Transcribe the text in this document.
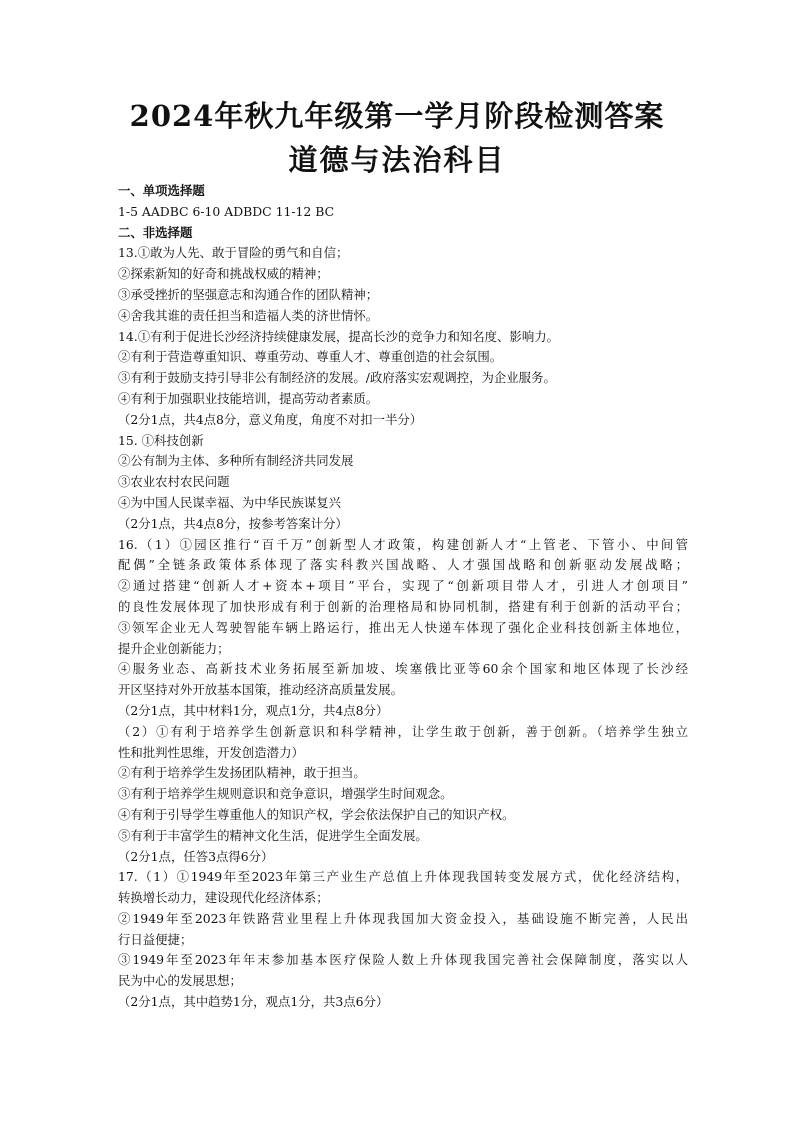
2024年秋九年级第一学月阶段检测答案
道德与法治科目
一、单项选择题
1-5 AADBC 6-10 ADBDC 11-12 BC
二、非选择题
13.①敢为人先、敢于冒险的勇气和自信；
②探索新知的好奇和挑战权威的精神；
③承受挫折的坚强意志和沟通合作的团队精神；
④舍我其谁的责任担当和造福人类的济世情怀。
14.①有利于促进长沙经济持续健康发展，提高长沙的竞争力和知名度、影响力。
②有利于营造尊重知识、尊重劳动、尊重人才、尊重创造的社会氛围。
③有利于鼓励支持引导非公有制经济的发展。/政府落实宏观调控，为企业服务。
④有利于加强职业技能培训，提高劳动者素质。
（2分1点，共4点8分，意义角度，角度不对扣一半分）
15. ①科技创新
②公有制为主体、多种所有制经济共同发展
③农业农村农民问题
④为中国人民谋幸福、为中华民族谋复兴
（2分1点，共4点8分，按参考答案计分）
16.（1）①园区推行“百千万”创新型人才政策，构建创新人才“上管老、下管小、中间管
配偶”全链条政策体系体现了落实科教兴国战略、人才强国战略和创新驱动发展战略；
②通过搭建“创新人才+资本+项目”平台，实现了“创新项目带人才，引进人才创项目”
的良性发展体现了加快形成有利于创新的治理格局和协同机制，搭建有利于创新的活动平台；
③领军企业无人驾驶智能车辆上路运行，推出无人快递车体现了强化企业科技创新主体地位，
提升企业创新能力；
④服务业态、高新技术业务拓展至新加坡、埃塞俄比亚等60余个国家和地区体现了长沙经
开区坚持对外开放基本国策，推动经济高质量发展。
（2分1点，其中材料1分，观点1分，共4点8分）
（2）①有利于培养学生创新意识和科学精神，让学生敢于创新，善于创新。（培养学生独立
性和批判性思维，开发创造潜力）
②有利于培养学生发扬团队精神，敢于担当。
③有利于培养学生规则意识和竞争意识，增强学生时间观念。
④有利于引导学生尊重他人的知识产权，学会依法保护自己的知识产权。
⑤有利于丰富学生的精神文化生活，促进学生全面发展。
（2分1点，任答3点得6分）
17.（1）①1949年至2023年第三产业生产总值上升体现我国转变发展方式，优化经济结构，
转换增长动力，建设现代化经济体系；
②1949年至2023年铁路营业里程上升体现我国加大资金投入，基础设施不断完善，人民出
行日益便捷；
③1949年至2023年年末参加基本医疗保险人数上升体现我国完善社会保障制度，落实以人
民为中心的发展思想；
（2分1点，其中趋势1分，观点1分，共3点6分）
